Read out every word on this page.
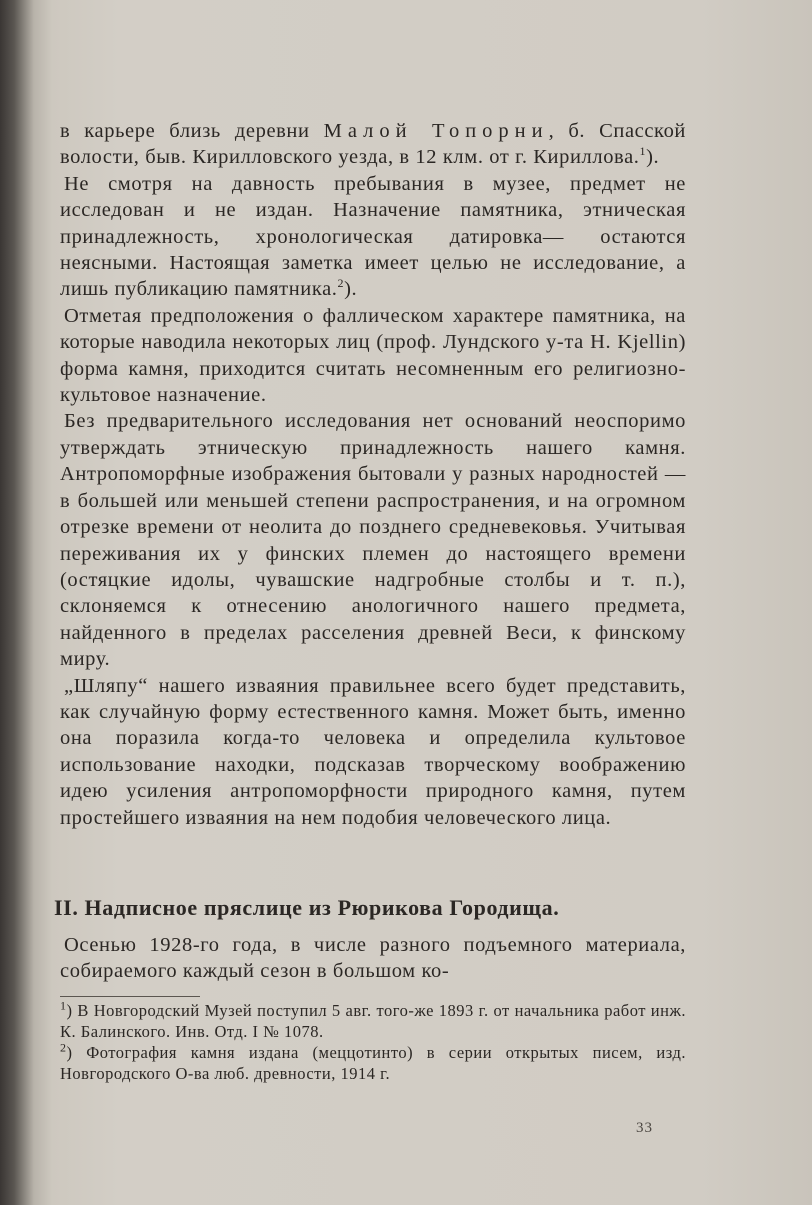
в карьере близь деревни Малой Топорни, б. Спасской волости, быв. Кирилловского уезда, в 12 клм. от г. Кириллова.$^1$).

Не смотря на давность пребывания в музее, предмет не исследован и не издан. Назначение памятника, этническая принадлежность, хронологическая датировка— остаются неясными. Настоящая заметка имеет целью не исследование, а лишь публикацию памятника.$^2$).

Отметая предположения о фаллическом характере памятника, на которые наводила некоторых лиц (проф. Лундского у-та H. Kjellin) форма камня, приходится считать несомненным его религиозно-культовое назначение.

Без предварительного исследования нет оснований неоспоримо утверждать этническую принадлежность нашего камня. Антропоморфные изображения бытовали у разных народностей — в большей или меньшей степени распространения, и на огромном отрезке времени от неолита до позднего средневековья. Учитывая переживания их у финских племен до настоящего времени (остяцкие идолы, чувашские надгробные столбы и т. п.), склоняемся к отнесению анологичного нашего предмета, найденного в пределах расселения древней Веси, к финскому миру.

„Шляпу“ нашего изваяния правильнее всего будет представить, как случайную форму естественного камня. Может быть, именно она поразила когда-то человека и определила культовое использование находки, подсказав творческому воображению идею усиления антропоморфности природного камня, путем простейшего изваяния на нем подобия человеческого лица.

II. Надписное пряслице из Рюрикова Городища.

Осенью 1928-го года, в числе разного подъемного материала, собираемого каждый сезон в большом ко-

$^1$) В Новгородский Музей поступил 5 авг. того-же 1893 г. от начальника работ инж. К. Балинского. Инв. Отд. I № 1078.

$^2$) Фотография камня издана (меццотинто) в серии открытых писем, изд. Новгородского О-ва люб. древности, 1914 г.

33
